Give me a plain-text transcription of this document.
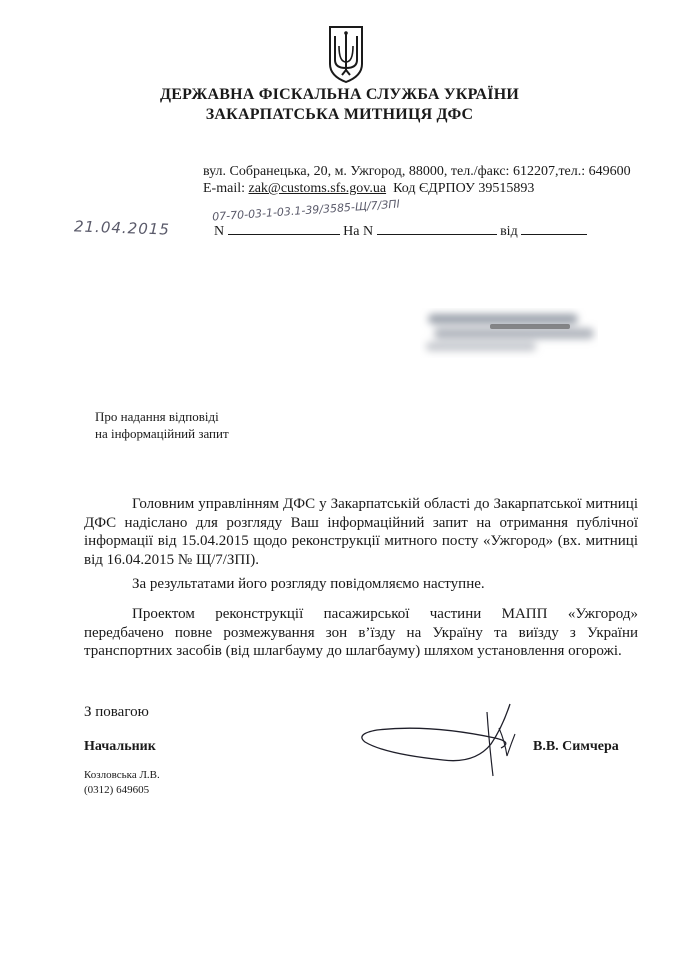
ДЕРЖАВНА ФІСКАЛЬНА СЛУЖБА УКРАЇНИ
ЗАКАРПАТСЬКА МИТНИЦЯ ДФС
вул. Собранецька, 20, м. Ужгород, 88000, тел./факс: 612207,тел.: 649600
E-mail: zak@customs.sfs.gov.ua Код ЄДРПОУ 39515893
07-70-03-1-03.1-39/3585-Щ/7/ЗПІ
21.04.2015	N	На N	від
Про надання відповіді
на інформаційний запит
Головним управлінням ДФС у Закарпатській області до Закарпатської митниці ДФС надіслано для розгляду Ваш інформаційний запит на отримання публічної інформації від 15.04.2015 щодо реконструкції митного посту «Ужгород» (вх. митниці від 16.04.2015 № Щ/7/ЗПІ).
За результатами його розгляду повідомляємо наступне.
Проектом реконструкції пасажирської частини МАПП «Ужгород» передбачено повне розмежування зон в’їзду на Україну та виїзду з України транспортних засобів (від шлагбауму до шлагбауму) шляхом установлення огорожі.
З повагою
Начальник	В.В. Симчера
Козловська Л.В.
(0312) 649605
